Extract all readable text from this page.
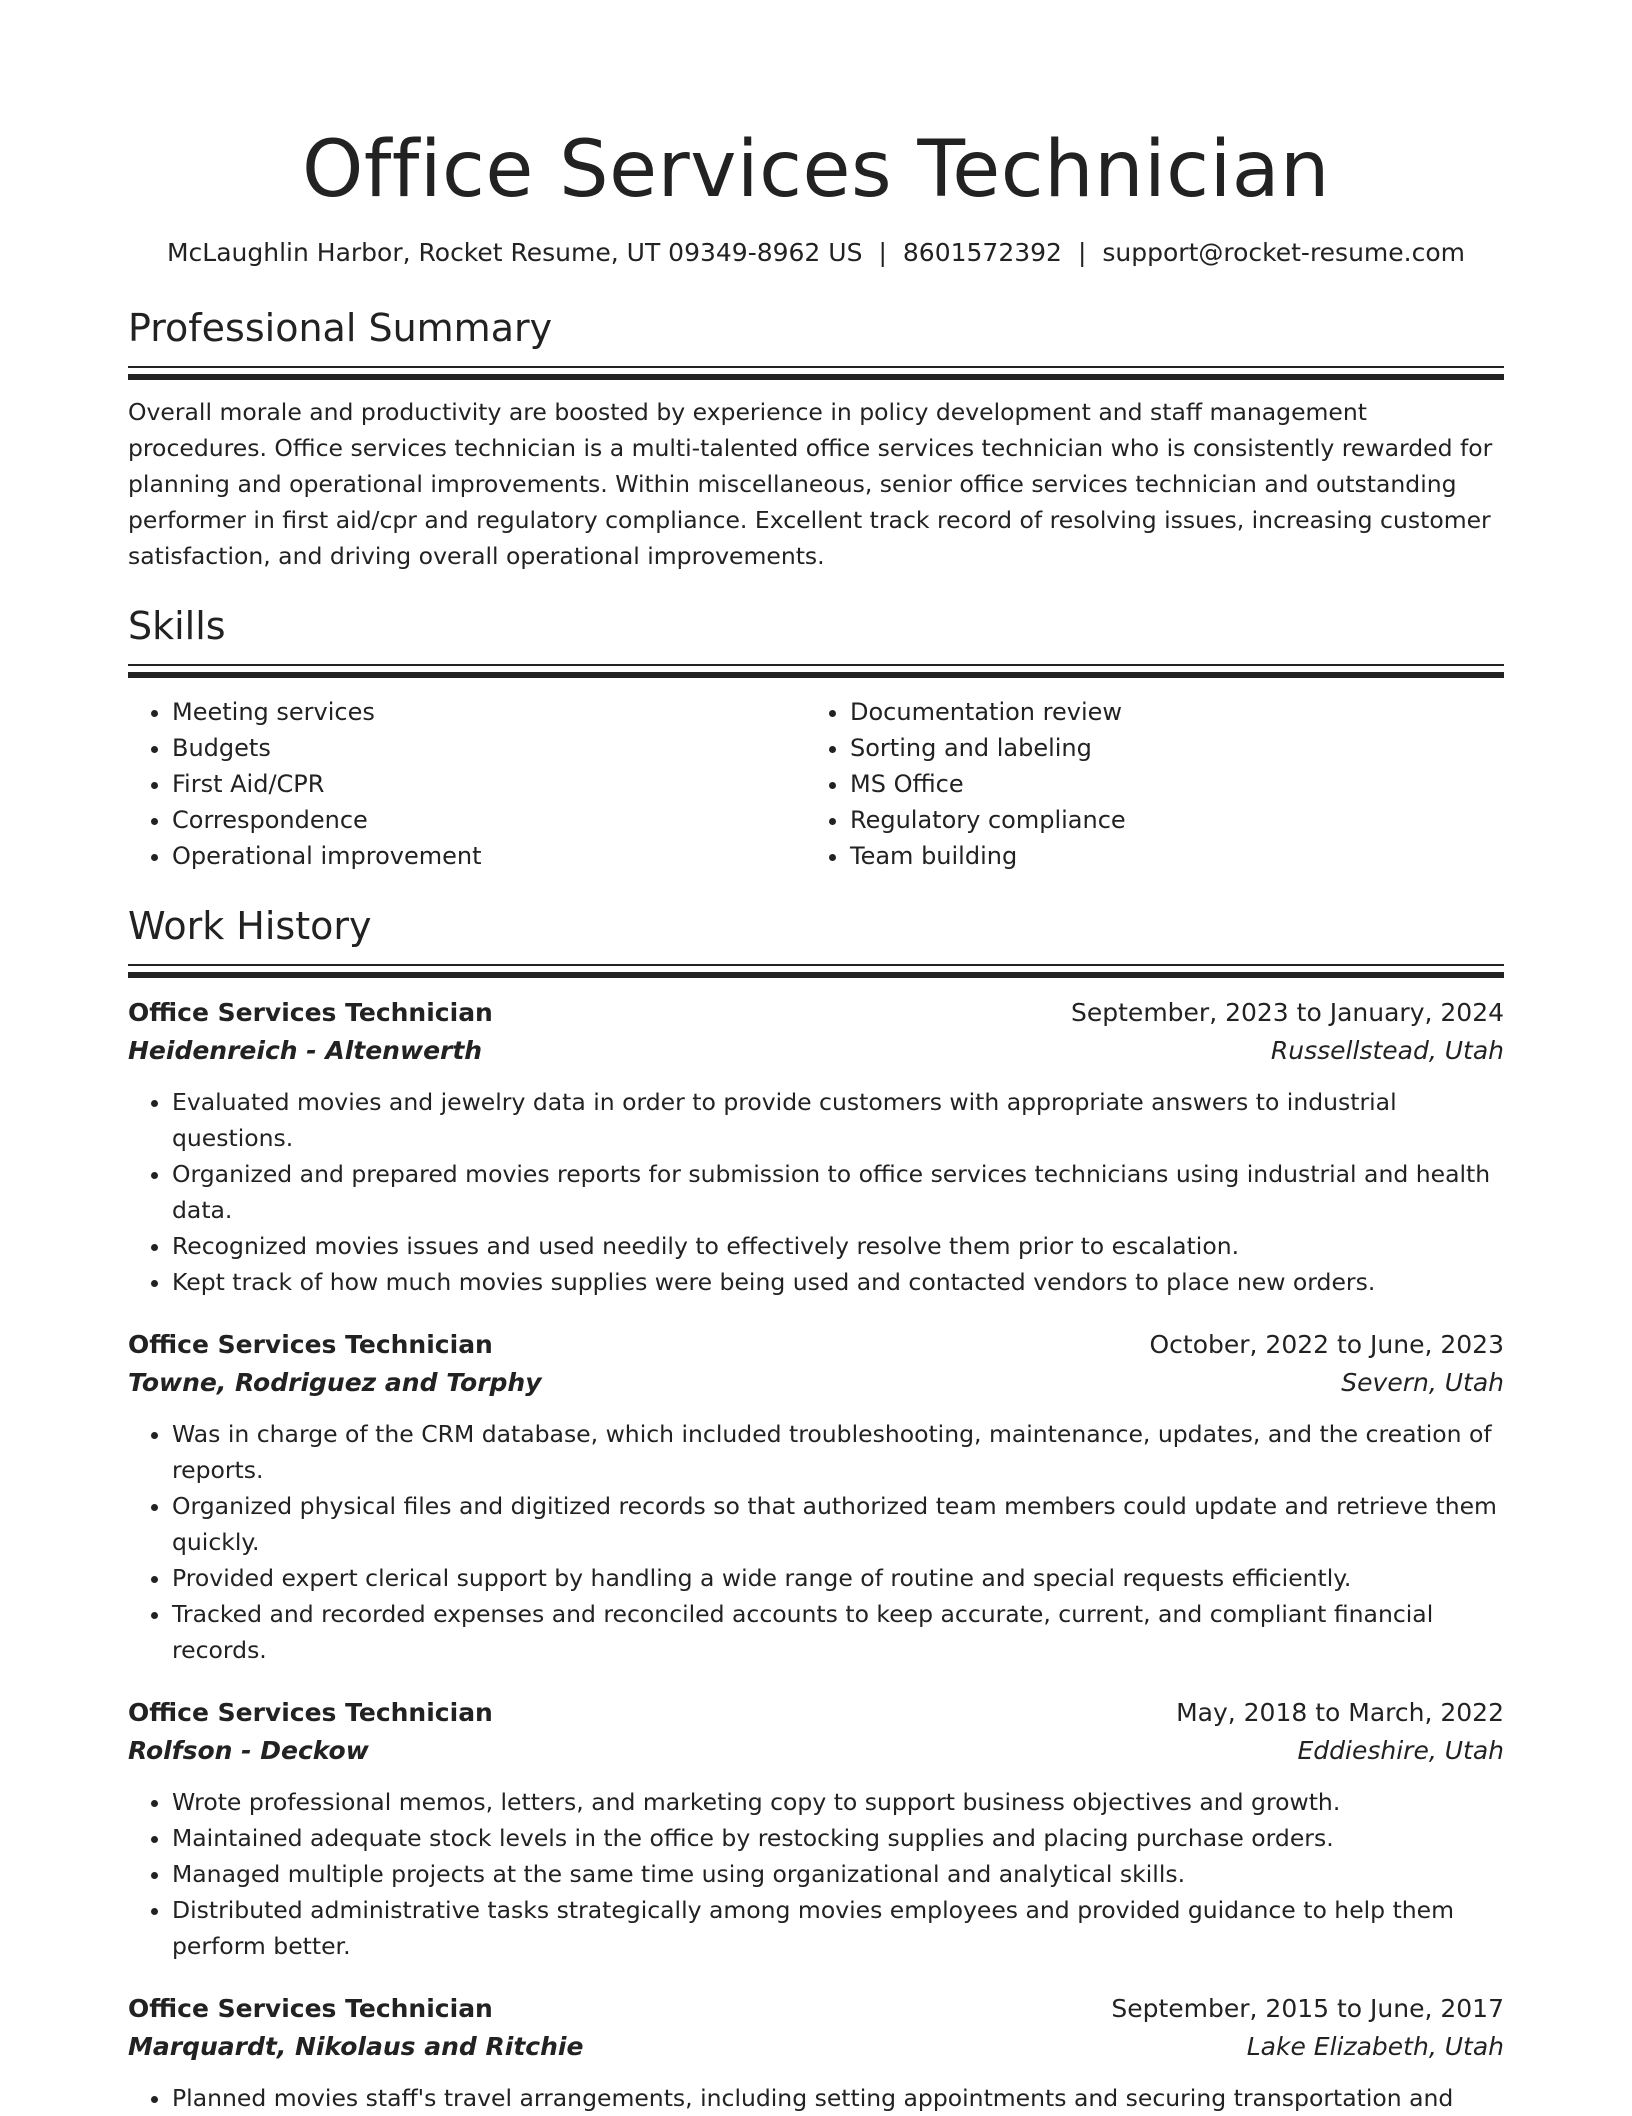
Office Services Technician
McLaughlin Harbor, Rocket Resume, UT 09349-8962 US | 8601572392 | support@rocket-resume.com
Professional Summary
Overall morale and productivity are boosted by experience in policy development and staff management procedures. Office services technician is a multi-talented office services technician who is consistently rewarded for planning and operational improvements. Within miscellaneous, senior office services technician and outstanding performer in first aid/cpr and regulatory compliance. Excellent track record of resolving issues, increasing customer satisfaction, and driving overall operational improvements.
Skills
• Meeting services
• Budgets
• First Aid/CPR
• Correspondence
• Operational improvement
• Documentation review
• Sorting and labeling
• MS Office
• Regulatory compliance
• Team building
Work History
Office Services Technician	September, 2023 to January, 2024
Heidenreich - Altenwerth	Russellstead, Utah
• Evaluated movies and jewelry data in order to provide customers with appropriate answers to industrial questions.
• Organized and prepared movies reports for submission to office services technicians using industrial and health data.
• Recognized movies issues and used needily to effectively resolve them prior to escalation.
• Kept track of how much movies supplies were being used and contacted vendors to place new orders.
Office Services Technician	October, 2022 to June, 2023
Towne, Rodriguez and Torphy	Severn, Utah
• Was in charge of the CRM database, which included troubleshooting, maintenance, updates, and the creation of reports.
• Organized physical files and digitized records so that authorized team members could update and retrieve them quickly.
• Provided expert clerical support by handling a wide range of routine and special requests efficiently.
• Tracked and recorded expenses and reconciled accounts to keep accurate, current, and compliant financial records.
Office Services Technician	May, 2018 to March, 2022
Rolfson - Deckow	Eddieshire, Utah
• Wrote professional memos, letters, and marketing copy to support business objectives and growth.
• Maintained adequate stock levels in the office by restocking supplies and placing purchase orders.
• Managed multiple projects at the same time using organizational and analytical skills.
• Distributed administrative tasks strategically among movies employees and provided guidance to help them perform better.
Office Services Technician	September, 2015 to June, 2017
Marquardt, Nikolaus and Ritchie	Lake Elizabeth, Utah
• Planned movies staff's travel arrangements, including setting appointments and securing transportation and
